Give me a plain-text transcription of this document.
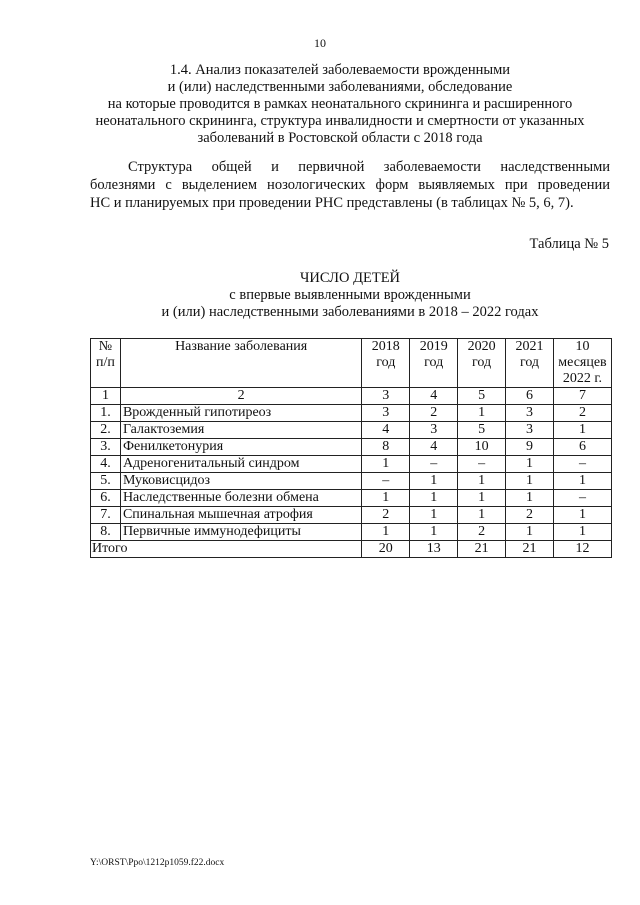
10
1.4. Анализ показателей заболеваемости врожденными
и (или) наследственными заболеваниями, обследование
на которые проводится в рамках неонатального скрининга и расширенного
неонатального скрининга, структура инвалидности и смертности от указанных
заболеваний в Ростовской области с 2018 года
Структура общей и первичной заболеваемости наследственными
болезнями с выделением нозологических форм выявляемых при проведении
НС и планируемых при проведении РНС представлены (в таблицах № 5, 6, 7).
Таблица № 5
ЧИСЛО ДЕТЕЙ
с впервые выявленными врожденными
и (или) наследственными заболеваниями в 2018 – 2022 годах
№ п/п	Название заболевания	2018 год	2019 год	2020 год	2021 год	10 месяцев 2022 г.
1	2	3	4	5	6	7
1.	Врожденный гипотиреоз	3	2	1	3	2
2.	Галактоземия	4	3	5	3	1
3.	Фенилкетонурия	8	4	10	9	6
4.	Адреногенитальный синдром	1	–	–	1	–
5.	Муковисцидоз	–	1	1	1	1
6.	Наследственные болезни обмена	1	1	1	1	–
7.	Спинальная мышечная атрофия	2	1	1	2	1
8.	Первичные иммунодефициты	1	1	2	1	1
Итого		20	13	21	21	12
Y:\ORST\Ppo\1212p1059.f22.docx
